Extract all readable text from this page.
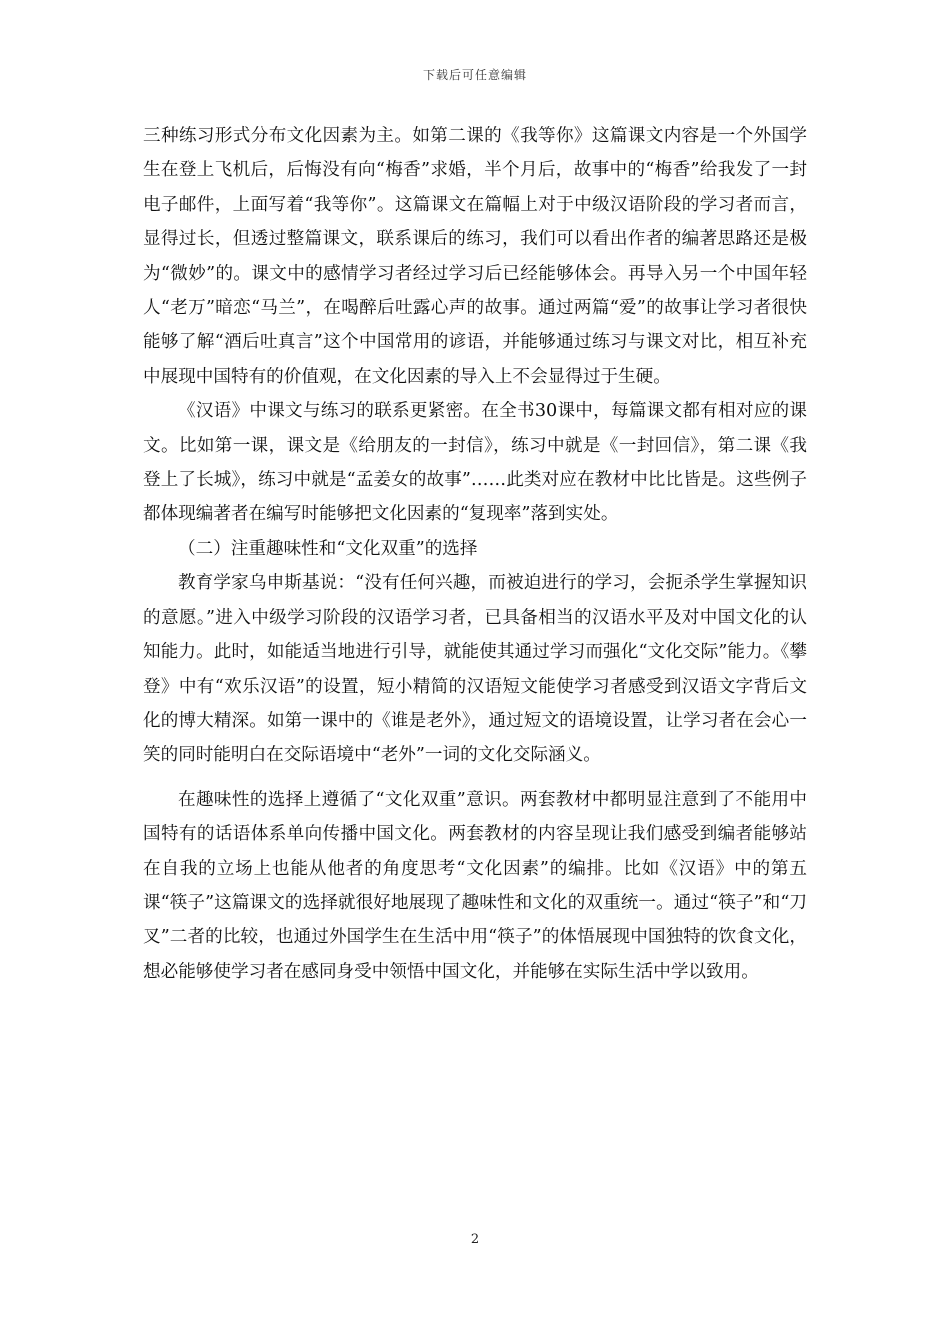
下载后可任意编辑

三种练习形式分布文化因素为主。如第二课的《我等你》这篇课文内容是一个外国学生在登上飞机后，后悔没有向“梅香”求婚，半个月后，故事中的“梅香”给我发了一封电子邮件，上面写着“我等你”。这篇课文在篇幅上对于中级汉语阶段的学习者而言，显得过长，但透过整篇课文，联系课后的练习，我们可以看出作者的编著思路还是极为“微妙”的。课文中的感情学习者经过学习后已经能够体会。再导入另一个中国年轻人“老万”暗恋“马兰”，在喝醉后吐露心声的故事。通过两篇“爱”的故事让学习者很快能够了解“酒后吐真言”这个中国常用的谚语，并能够通过练习与课文对比，相互补充中展现中国特有的价值观，在文化因素的导入上不会显得过于生硬。

《汉语》中课文与练习的联系更紧密。在全书30课中，每篇课文都有相对应的课文。比如第一课，课文是《给朋友的一封信》，练习中就是《一封回信》，第二课《我登上了长城》，练习中就是“孟姜女的故事”……此类对应在教材中比比皆是。这些例子都体现编著者在编写时能够把文化因素的“复现率”落到实处。

（二）注重趣味性和“文化双重”的选择

教育学家乌申斯基说：“没有任何兴趣，而被迫进行的学习，会扼杀学生掌握知识的意愿。”进入中级学习阶段的汉语学习者，已具备相当的汉语水平及对中国文化的认知能力。此时，如能适当地进行引导，就能使其通过学习而强化“文化交际”能力。《攀登》中有“欢乐汉语”的设置，短小精简的汉语短文能使学习者感受到汉语文字背后文化的博大精深。如第一课中的《谁是老外》，通过短文的语境设置，让学习者在会心一笑的同时能明白在交际语境中“老外”一词的文化交际涵义。

在趣味性的选择上遵循了“文化双重”意识。两套教材中都明显注意到了不能用中国特有的话语体系单向传播中国文化。两套教材的内容呈现让我们感受到编者能够站在自我的立场上也能从他者的角度思考“文化因素”的编排。比如《汉语》中的第五课“筷子”这篇课文的选择就很好地展现了趣味性和文化的双重统一。通过“筷子”和“刀叉”二者的比较，也通过外国学生在生活中用“筷子”的体悟展现中国独特的饮食文化，想必能够使学习者在感同身受中领悟中国文化，并能够在实际生活中学以致用。

2
